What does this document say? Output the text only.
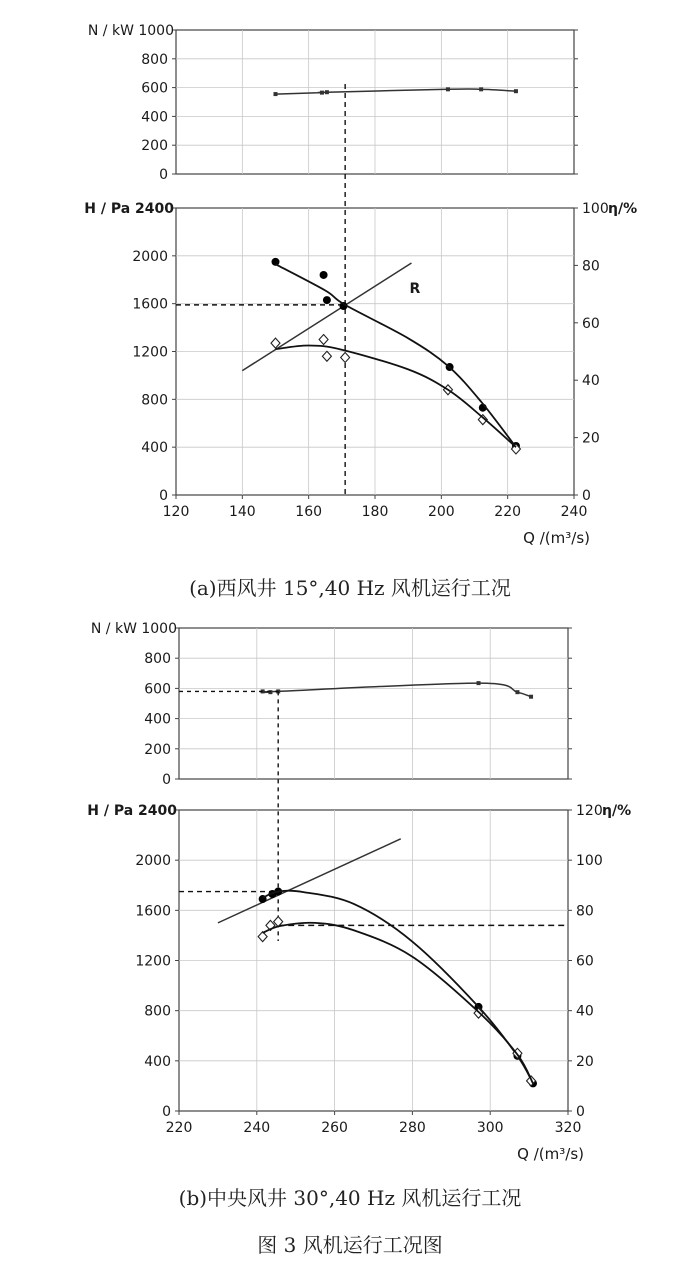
0
200
400
600
800
N / kW 1000
0
400
800
1200
1600
2000
H / Pa 2400
0
20
40
60
80
100 η/%
120	140	160	180	200	220	240
Q /(m³/s)
R
0
200
400
600
800
N / kW 1000
0
400
800
1200
1600
2000
H / Pa 2400
0
20
40
60
80
100
120 η/%
220	240	260	280	300	320
Q /(m³/s)
(a)西风井 15°,40 Hz 风机运行工况
(b)中央风井 30°,40 Hz 风机运行工况
图 3 风机运行工况图
